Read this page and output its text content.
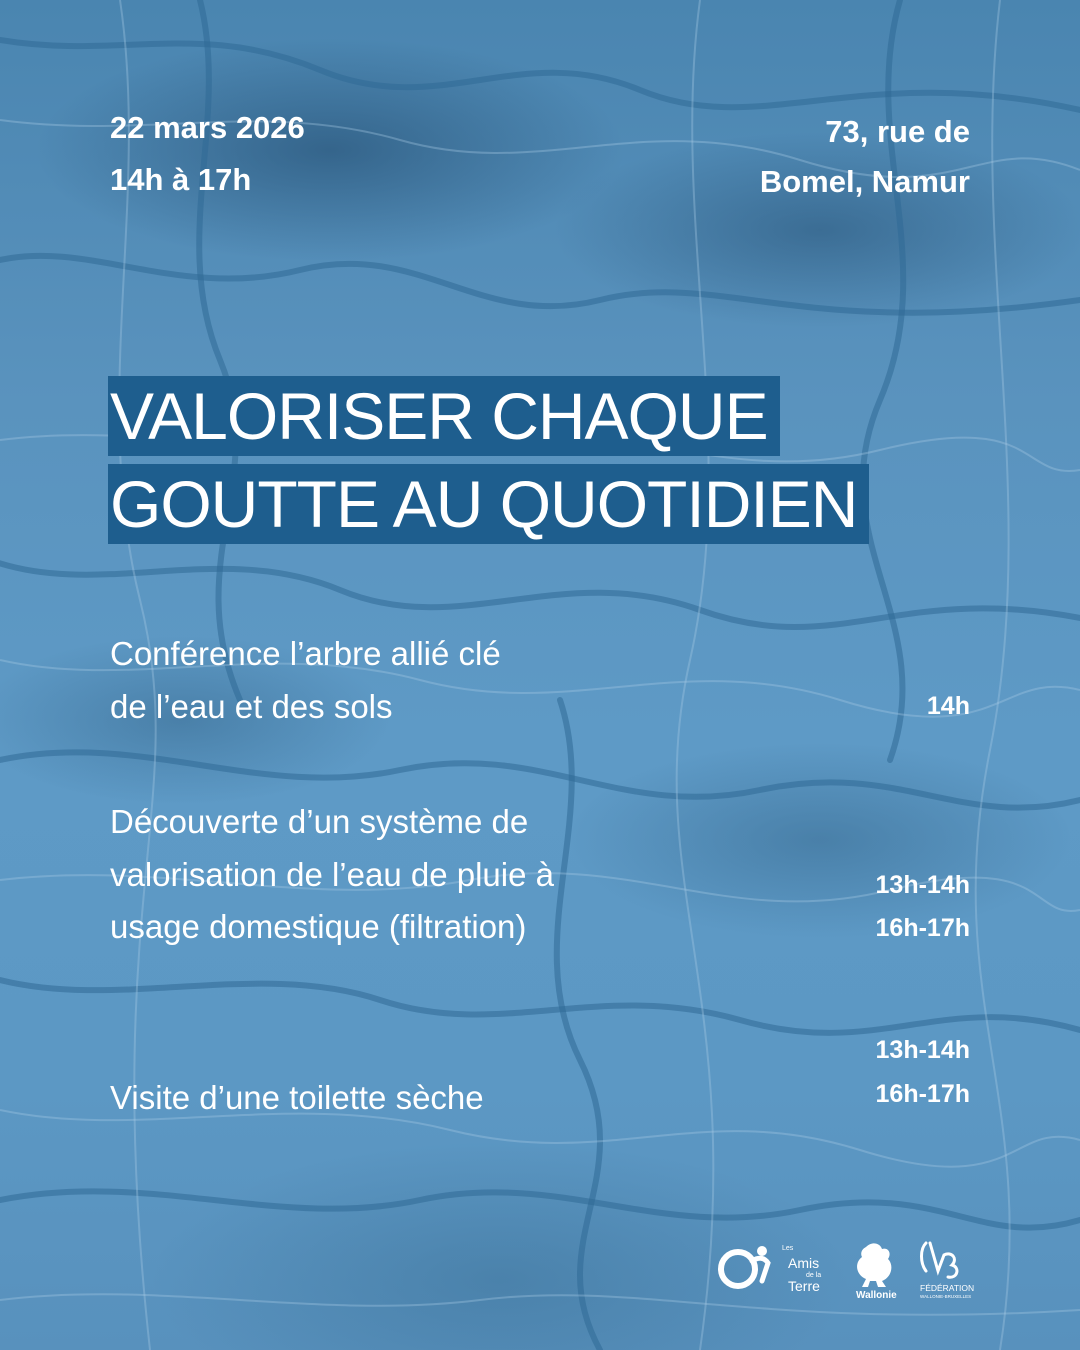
22 mars 2026

14h à 17h

73, rue de

Bomel, Namur

VALORISER CHAQUE
GOUTTE AU QUOTIDIEN

Conférence l’arbre allié clé

de l’eau et des sols	14h

Découverte d’un système de

valorisation de l’eau de pluie à

usage domestique (filtration)

13h-14h

16h-17h

Visite d’une toilette sèche

13h-14h

16h-17h

Les
Amis
de la
Terre
Wallonie
FÉDÉRATION
WALLONIE-BRUXELLES
